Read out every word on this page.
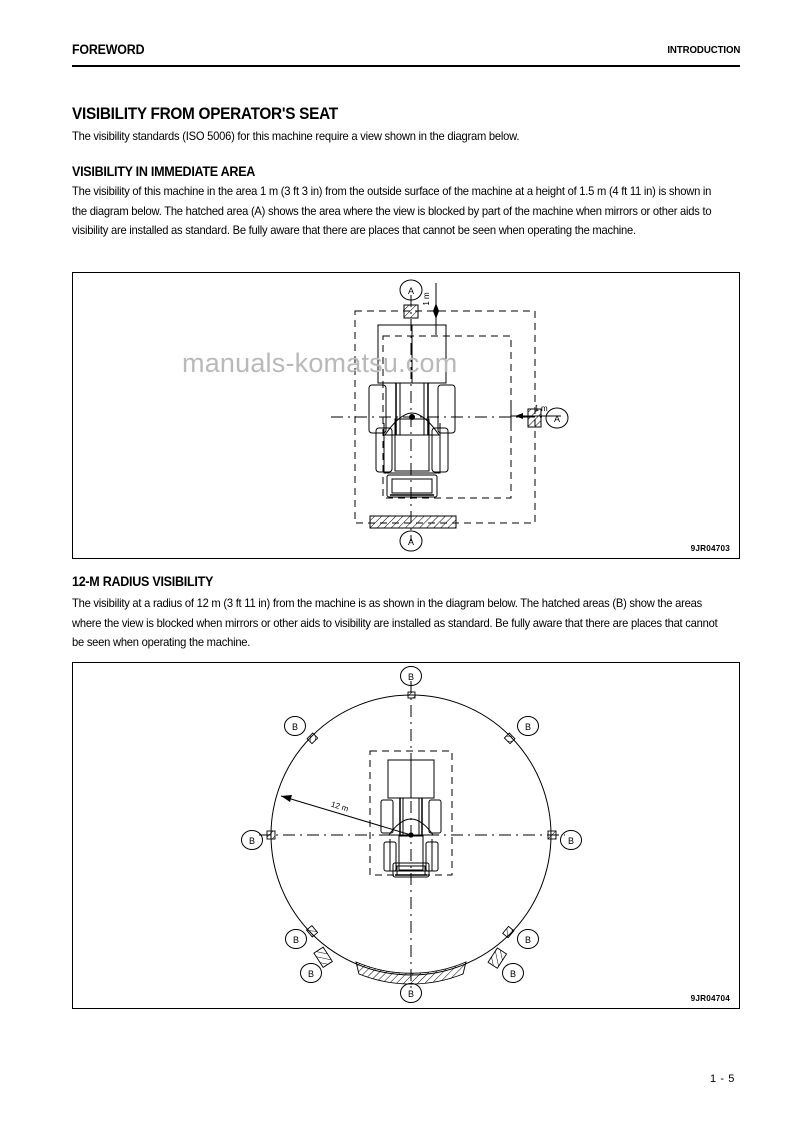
FOREWORD	INTRODUCTION
VISIBILITY FROM OPERATOR'S SEAT
The visibility standards (ISO 5006) for this machine require a view shown in the diagram below.
VISIBILITY IN IMMEDIATE AREA
The visibility of this machine in the area 1 m (3 ft 3 in) from the outside surface of the machine at a height of 1.5 m (4 ft 11 in) is shown in the diagram below. The hatched area (A) shows the area where the view is blocked by part of the machine when mirrors or other aids to visibility are installed as standard. Be fully aware that there are places that cannot be seen when operating the machine.
A
A
A
1 m
1 m
9JR04703
manuals-komatsu.com
12-M RADIUS VISIBILITY
The visibility at a radius of 12 m (3 ft 11 in) from the machine is as shown in the diagram below. The hatched areas (B) show the areas where the view is blocked when mirrors or other aids to visibility are installed as standard. Be fully aware that there are places that cannot be seen when operating the machine.
12 m
B
B	B
B	B
B	B
B	B
B	9JR04704
1 - 5
